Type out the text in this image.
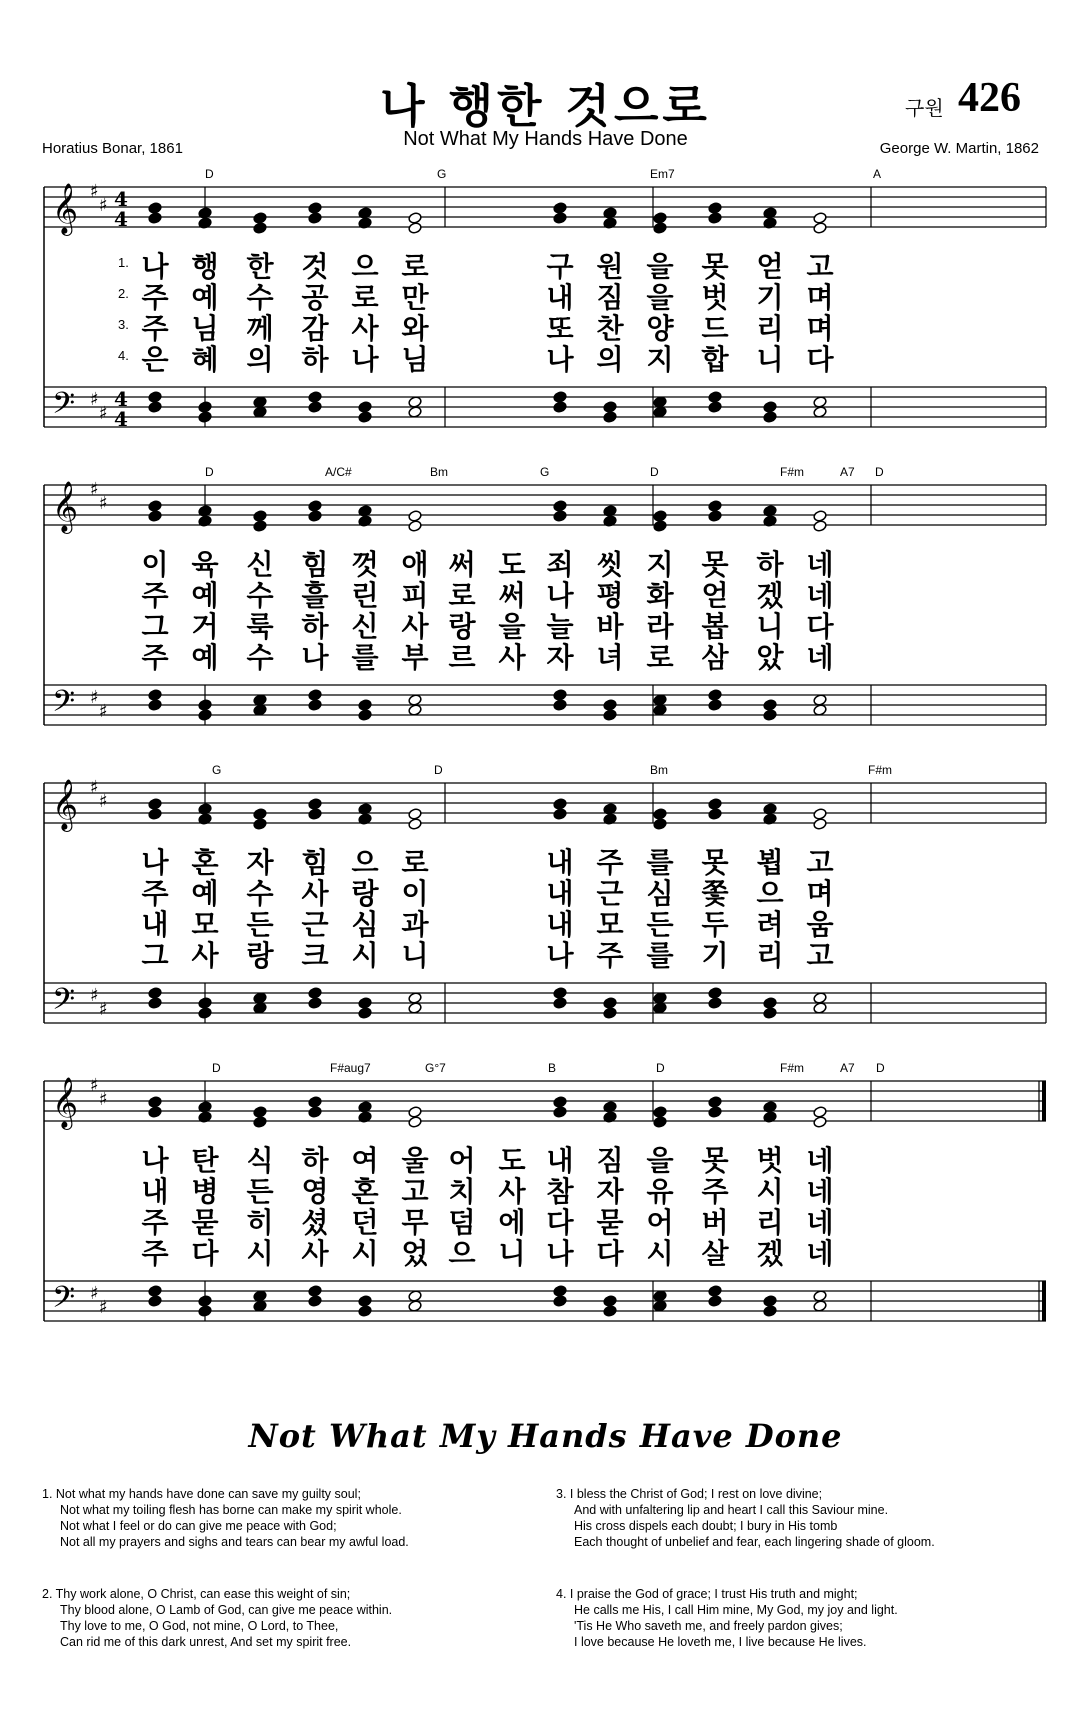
나 행한 것으로
Not What My Hands Have Done
구원 426
Horatius Bonar, 1861	George W. Martin, 1862
𝄞
𝄢
♯
♯
♯
♯
4
4
4
4
𝄞
𝄢
♯
♯
♯
♯
𝄞
𝄢
♯
♯
♯
♯
𝄞
𝄢
♯
♯
♯
♯
D	G	Em7	A
D	A/C#	Bm	G	D	F#m	A7 D
G	D	Bm	F#m
D	F#aug7	G°7	B	D	F#m	A7 D
1. 나 행 한 것 으 로	구 원 을 못 얻 고
2. 주 예 수 공 로 만	내 짐 을 벗 기 며
3. 주 님 께 감 사 와	또 찬 양 드 리 며
4. 은 혜 의 하 나 님	나 의 지 합 니 다
이 육 신 힘 껏 애 써 도 죄 씻 지 못 하 네
주 예 수 흘 린 피 로 써 나 평 화 얻 겠 네
그 거 룩 하 신 사 랑 을 늘 바 라 봅 니 다
주 예 수 나 를 부 르 사 자 녀 로 삼 았 네
나 혼 자 힘 으 로	내 주 를 못 뵙 고
주 예 수 사 랑 이	내 근 심 쫓 으 며
내 모 든 근 심 과	내 모 든 두 려 움
그 사 랑 크 시 니	나 주 를 기 리 고
나 탄 식 하 여 울 어 도 내 짐 을 못 벗 네
내 병 든 영 혼 고 치 사 참 자 유 주 시 네
주 묻 히 셨 던 무 덤 에 다 묻 어 버 리 네
주 다 시 사 시 었 으 니 나 다 시 살 겠 네
Not What My Hands Have Done
1. Not what my hands have done can save my guilty soul;
Not what my toiling flesh has borne can make my spirit whole.
Not what I feel or do can give me peace with God;
Not all my prayers and sighs and tears can bear my awful load.
2. Thy work alone, O Christ, can ease this weight of sin;
Thy blood alone, O Lamb of God, can give me peace within.
Thy love to me, O God, not mine, O Lord, to Thee,
Can rid me of this dark unrest, And set my spirit free.
3. I bless the Christ of God; I rest on love divine;
And with unfaltering lip and heart I call this Saviour mine.
His cross dispels each doubt; I bury in His tomb
Each thought of unbelief and fear, each lingering shade of gloom.
4. I praise the God of grace; I trust His truth and might;
He calls me His, I call Him mine, My God, my joy and light.
'Tis He Who saveth me, and freely pardon gives;
I love because He loveth me, I live because He lives.
